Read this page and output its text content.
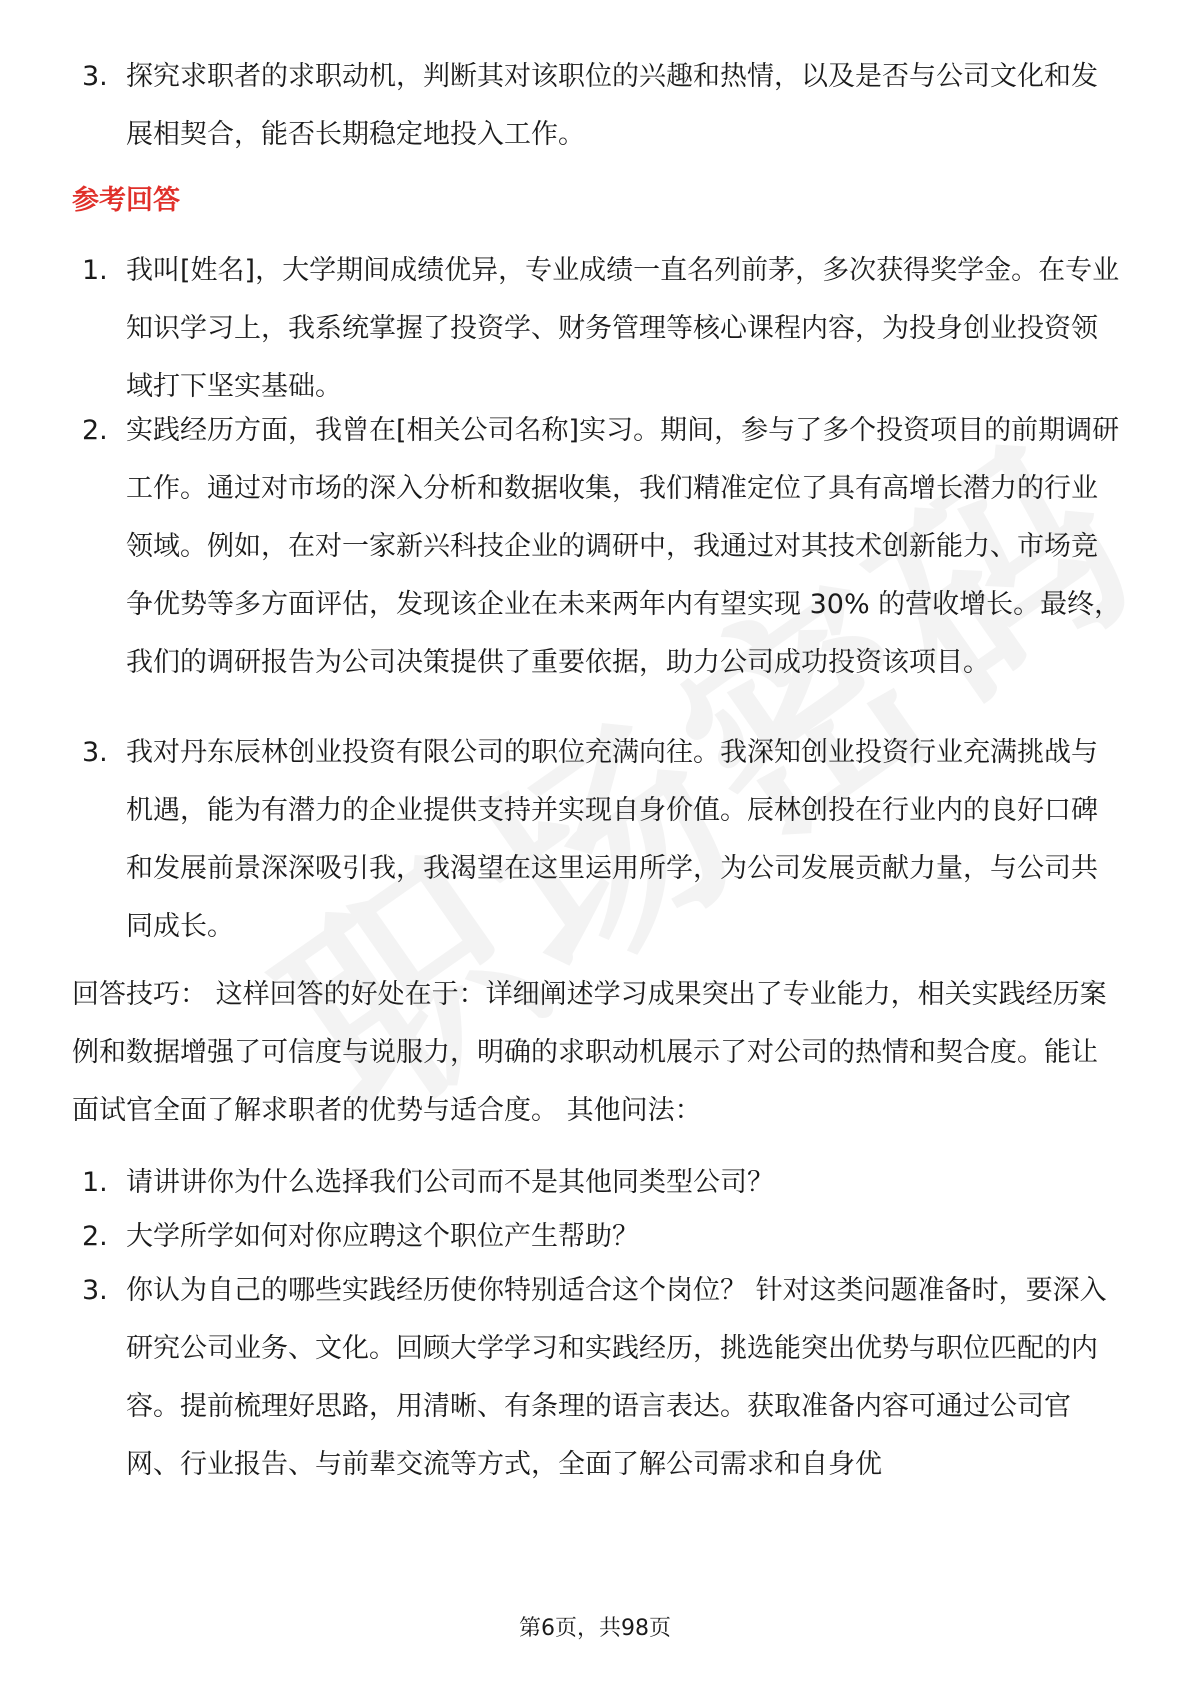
3. 探究求职者的求职动机，判断其对该职位的兴趣和热情，以及是否与公司文化和发展相契合，能否长期稳定地投入工作。
参考回答
1. 我叫[姓名]，大学期间成绩优异，专业成绩一直名列前茅，多次获得奖学金。在专业知识学习上，我系统掌握了投资学、财务管理等核心课程内容，为投身创业投资领域打下坚实基础。
2. 实践经历方面，我曾在[相关公司名称]实习。期间，参与了多个投资项目的前期调研工作。通过对市场的深入分析和数据收集，我们精准定位了具有高增长潜力的行业领域。例如，在对一家新兴科技企业的调研中，我通过对其技术创新能力、市场竞争优势等多方面评估，发现该企业在未来两年内有望实现 30% 的营收增长。最终，我们的调研报告为公司决策提供了重要依据，助力公司成功投资该项目。
3. 我对丹东辰林创业投资有限公司的职位充满向往。我深知创业投资行业充满挑战与机遇，能为有潜力的企业提供支持并实现自身价值。辰林创投在行业内的良好口碑和发展前景深深吸引我，我渴望在这里运用所学，为公司发展贡献力量，与公司共同成长。
回答技巧： 这样回答的好处在于：详细阐述学习成果突出了专业能力，相关实践经历案例和数据增强了可信度与说服力，明确的求职动机展示了对公司的热情和契合度。能让面试官全面了解求职者的优势与适合度。 其他问法：
1. 请讲讲你为什么选择我们公司而不是其他同类型公司？
2. 大学所学如何对你应聘这个职位产生帮助？
3. 你认为自己的哪些实践经历使你特别适合这个岗位？ 针对这类问题准备时，要深入研究公司业务、文化。回顾大学学习和实践经历，挑选能突出优势与职位匹配的内容。提前梳理好思路，用清晰、有条理的语言表达。获取准备内容可通过公司官网、行业报告、与前辈交流等方式，全面了解公司需求和自身优
第6页，共98页
